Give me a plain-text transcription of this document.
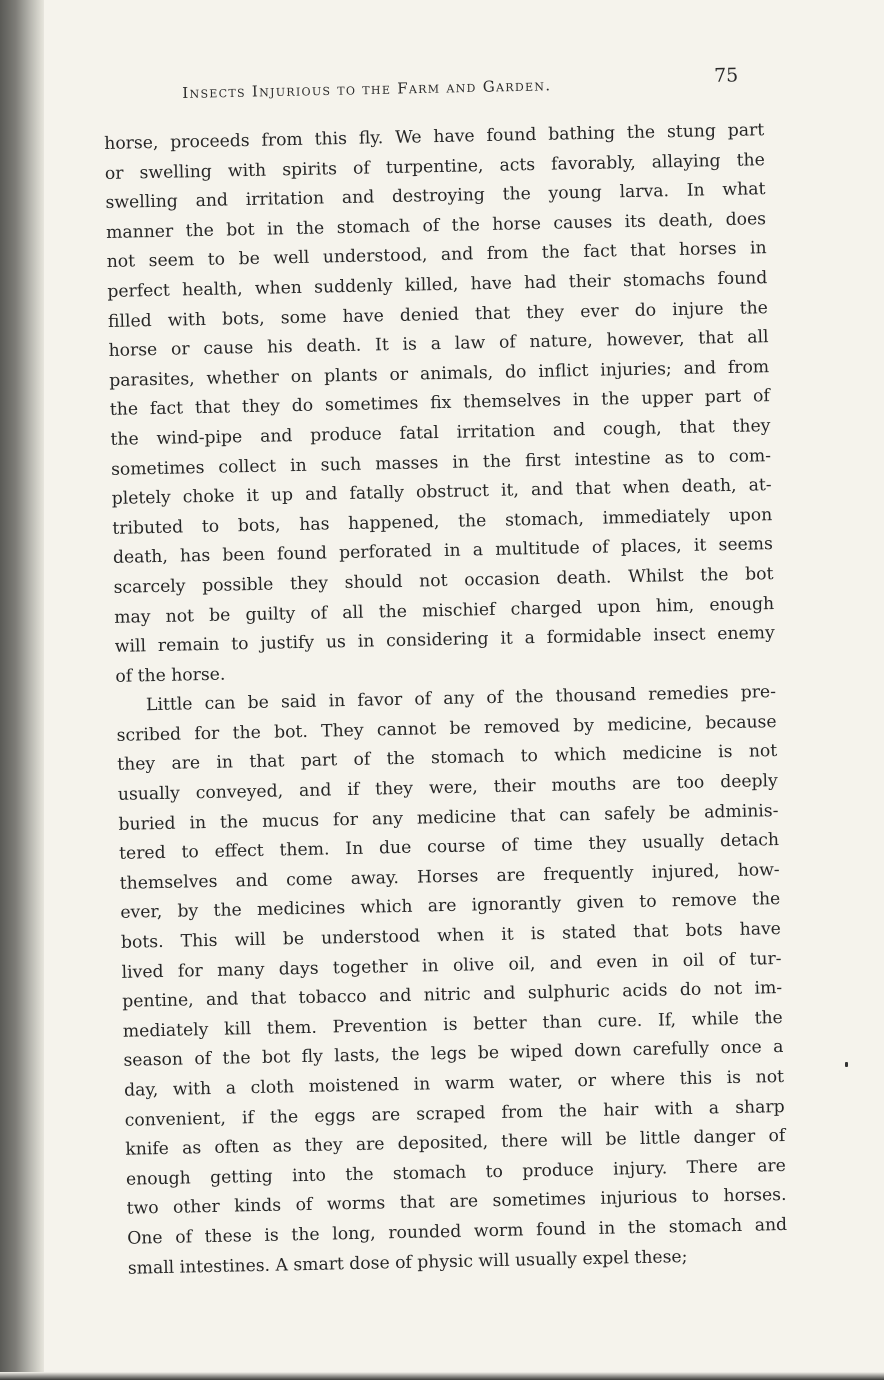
Insects Injurious to the Farm and Garden.
75
horse, proceeds from this fly. We have found bathing the stung part
or swelling with spirits of turpentine, acts favorably, allaying the
swelling and irritation and destroying the young larva. In what
manner the bot in the stomach of the horse causes its death, does
not seem to be well understood, and from the fact that horses in
perfect health, when suddenly killed, have had their stomachs found
filled with bots, some have denied that they ever do injure the
horse or cause his death. It is a law of nature, however, that all
parasites, whether on plants or animals, do inflict injuries; and from
the fact that they do sometimes fix themselves in the upper part of
the wind-pipe and produce fatal irritation and cough, that they
sometimes collect in such masses in the first intestine as to com-
pletely choke it up and fatally obstruct it, and that when death, at-
tributed to bots, has happened, the stomach, immediately upon
death, has been found perforated in a multitude of places, it seems
scarcely possible they should not occasion death. Whilst the bot
may not be guilty of all the mischief charged upon him, enough
will remain to justify us in considering it a formidable insect enemy
of the horse.
Little can be said in favor of any of the thousand remedies pre-
scribed for the bot. They cannot be removed by medicine, because
they are in that part of the stomach to which medicine is not
usually conveyed, and if they were, their mouths are too deeply
buried in the mucus for any medicine that can safely be adminis-
tered to effect them. In due course of time they usually detach
themselves and come away. Horses are frequently injured, how-
ever, by the medicines which are ignorantly given to remove the
bots. This will be understood when it is stated that bots have
lived for many days together in olive oil, and even in oil of tur-
pentine, and that tobacco and nitric and sulphuric acids do not im-
mediately kill them. Prevention is better than cure. If, while the
season of the bot fly lasts, the legs be wiped down carefully once a
day, with a cloth moistened in warm water, or where this is not
convenient, if the eggs are scraped from the hair with a sharp
knife as often as they are deposited, there will be little danger of
enough getting into the stomach to produce injury. There are
two other kinds of worms that are sometimes injurious to horses.
One of these is the long, rounded worm found in the stomach and
small intestines. A smart dose of physic will usually expel these;
